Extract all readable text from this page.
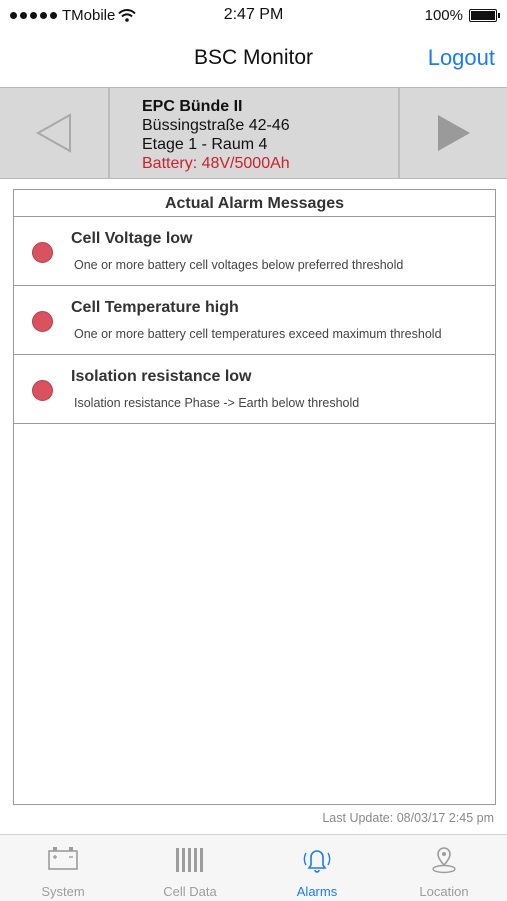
TMobile	2:47 PM	100%
BSC Monitor	Logout
EPC Bünde II
Büssingstraße 42-46
Etage 1 - Raum 4
Battery: 48V/5000Ah
Actual Alarm Messages
Cell Voltage low
One or more battery cell voltages below preferred threshold
Cell Temperature high
One or more battery cell temperatures exceed maximum threshold
Isolation resistance low
Isolation resistance Phase -> Earth below threshold
Last Update: 08/03/17 2:45 pm
System	Cell Data	Alarms	Location
